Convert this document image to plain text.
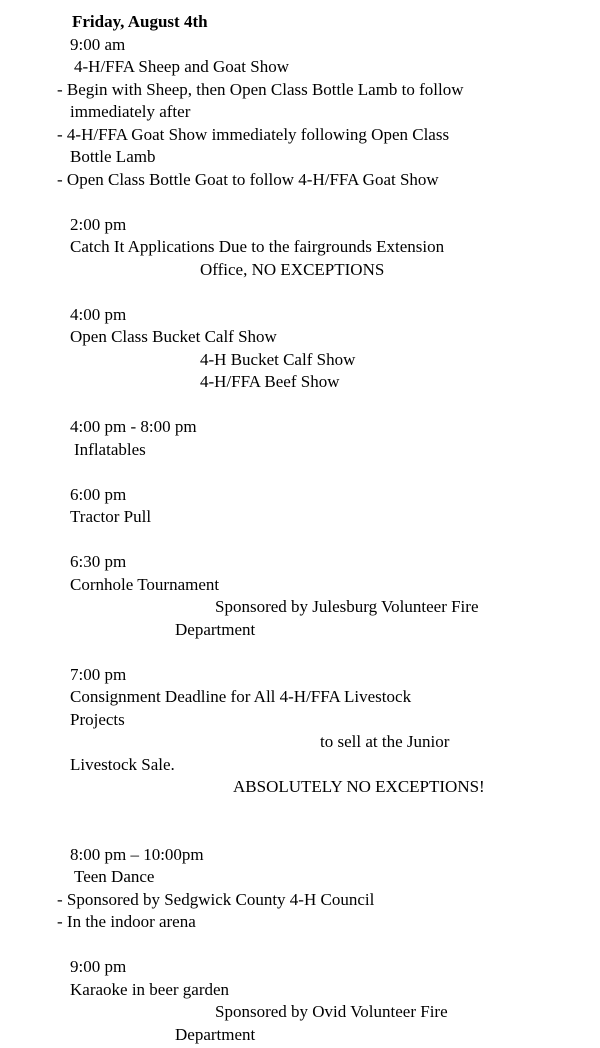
Friday, August 4th
9:00 am
4-H/FFA Sheep and Goat Show
- Begin with Sheep, then Open Class Bottle Lamb to follow
immediately after
- 4-H/FFA Goat Show immediately following Open Class
Bottle Lamb
- Open Class Bottle Goat to follow 4-H/FFA Goat Show
2:00 pm
Catch It Applications Due to the fairgrounds Extension
Office, NO EXCEPTIONS
4:00 pm
Open Class Bucket Calf Show
4-H Bucket Calf Show
4-H/FFA Beef Show
4:00 pm - 8:00 pm
Inflatables
6:00 pm
Tractor Pull
6:30 pm
Cornhole Tournament
Sponsored by Julesburg Volunteer Fire
Department
7:00 pm
Consignment Deadline for All 4-H/FFA Livestock
Projects
to sell at the Junior
Livestock Sale.
ABSOLUTELY NO EXCEPTIONS!
8:00 pm – 10:00pm
Teen Dance
- Sponsored by Sedgwick County 4-H Council
- In the indoor arena
9:00 pm
Karaoke in beer garden
Sponsored by Ovid Volunteer Fire
Department
